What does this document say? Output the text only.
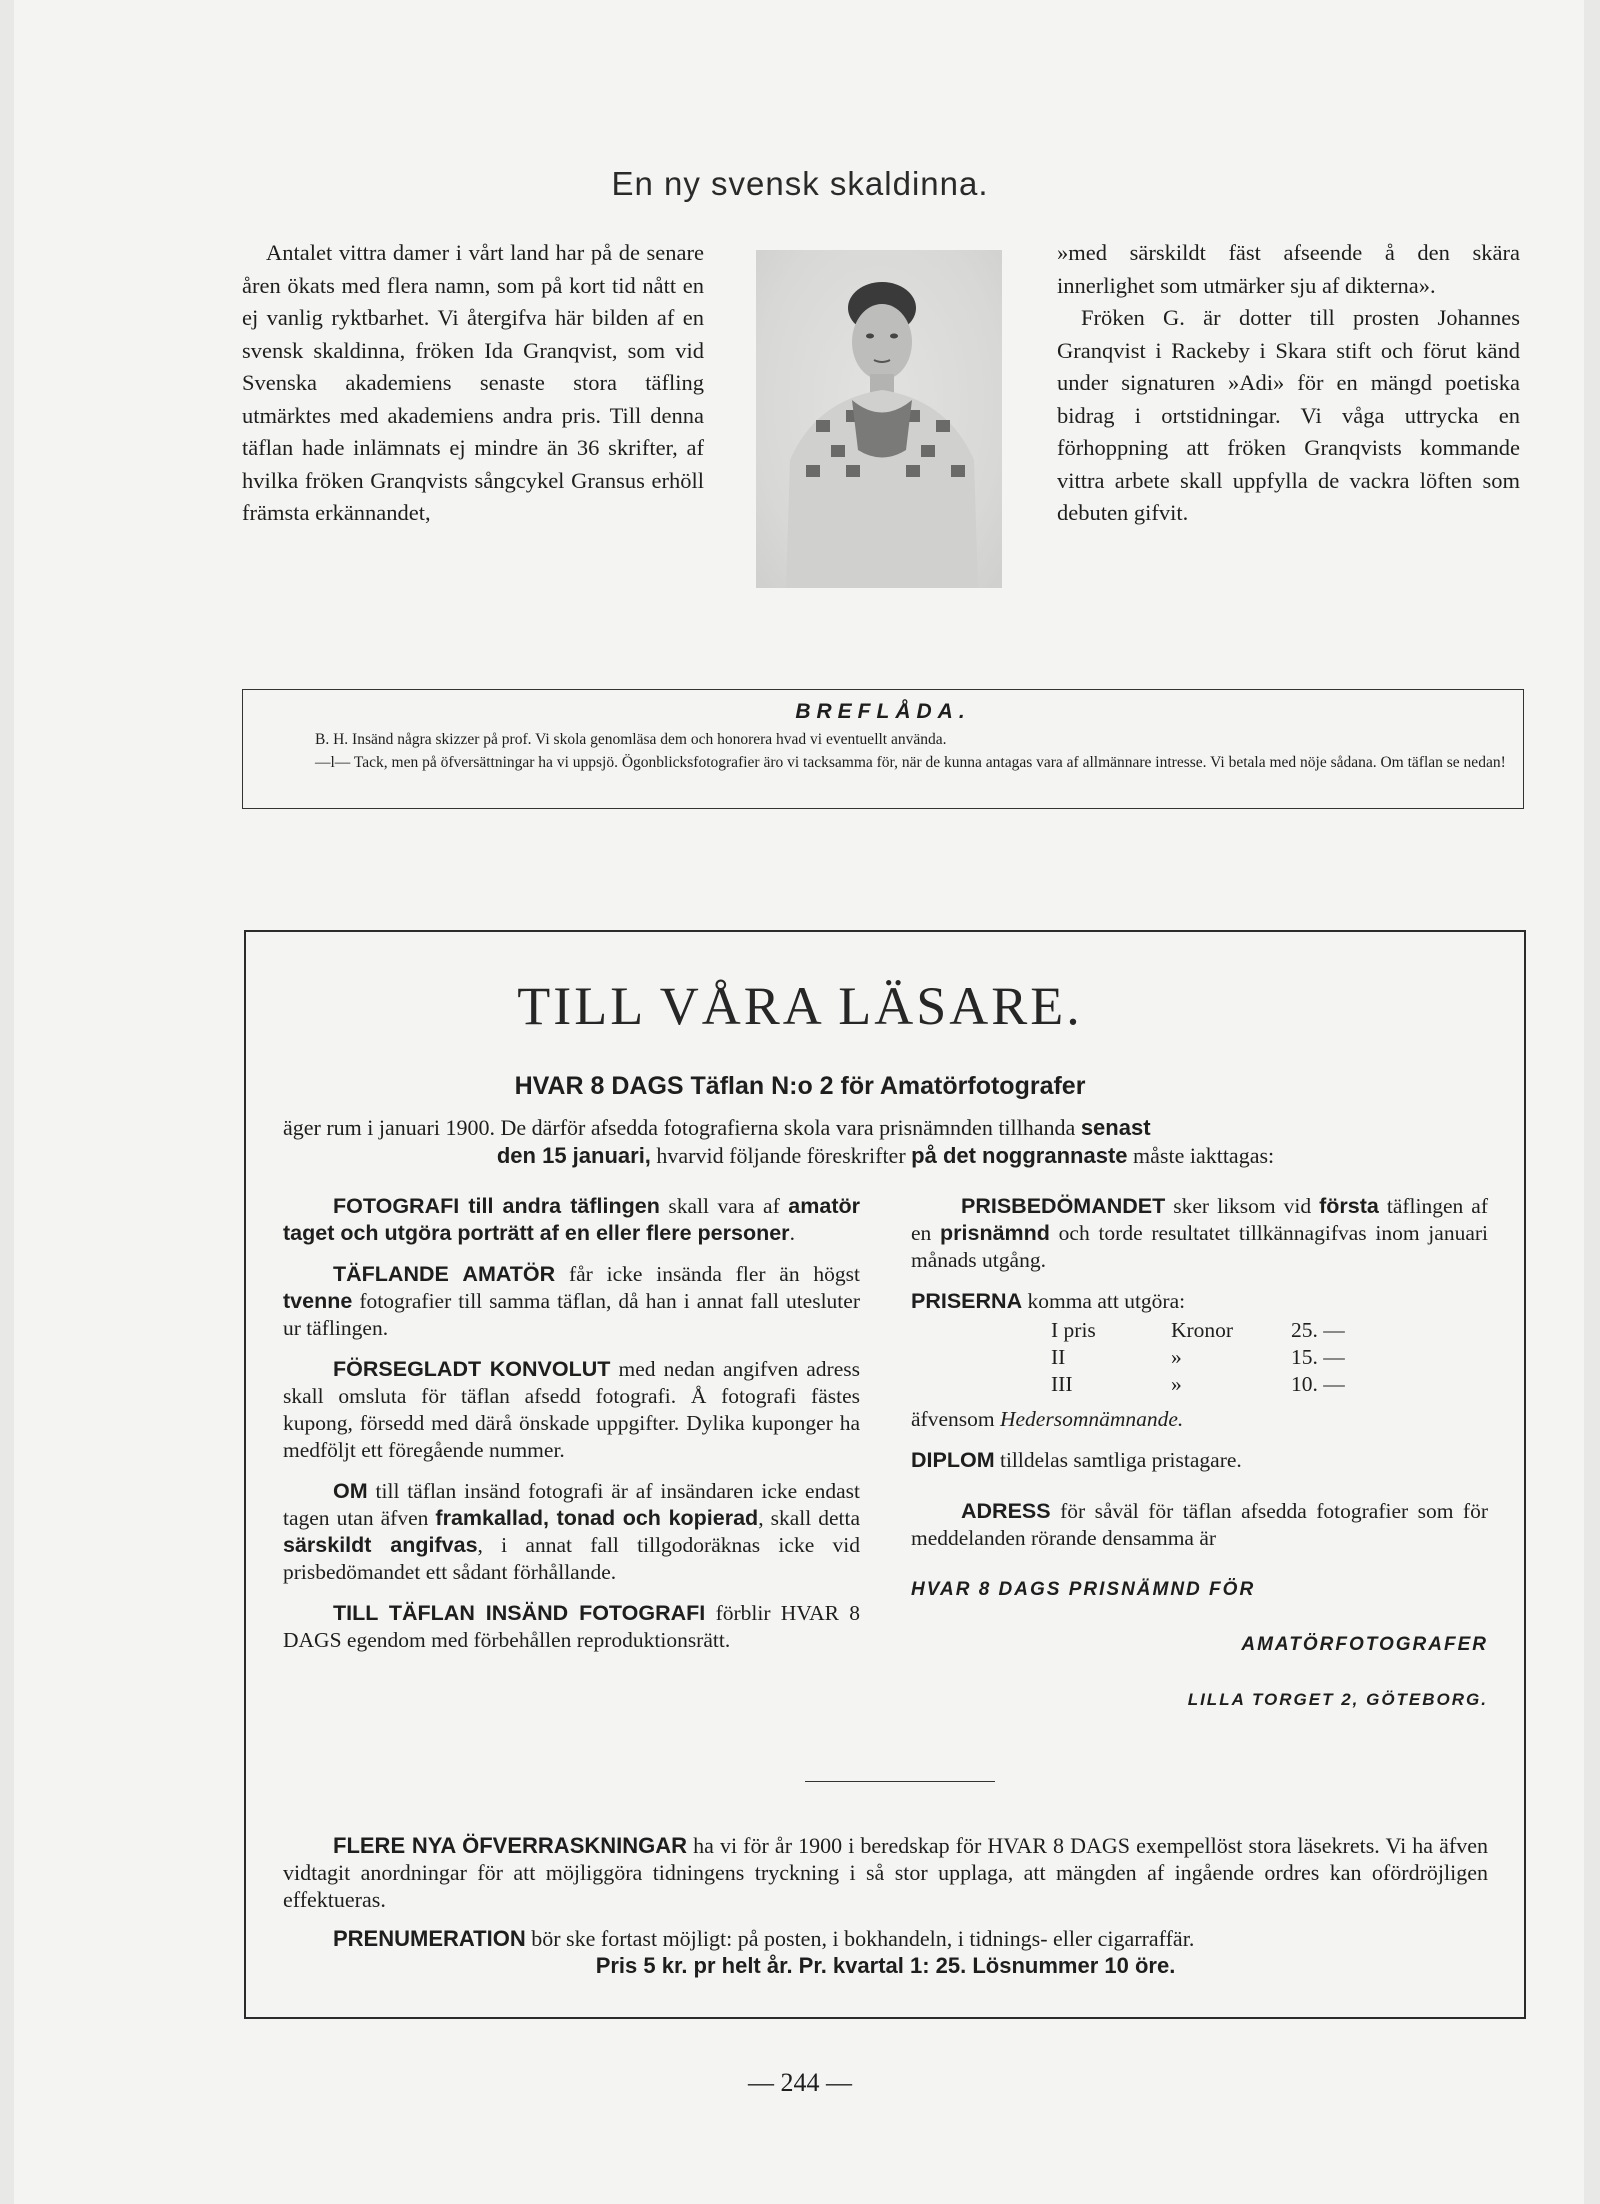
En ny svensk skaldinna.

Antalet vittra damer i vårt land har på de senare åren ökats med flera namn, som på kort tid nått en ej vanlig ryktbarhet. Vi återgifva här bilden af en svensk skaldinna, fröken Ida Granqvist, som vid Svenska akademiens senaste stora täfling utmärktes med akademiens andra pris. Till denna täflan hade inlämnats ej mindre än 36 skrifter, af hvilka fröken Granqvists sångcykel Gransus erhöll främsta erkännandet,

»med särskildt fäst afseende å den skära innerlighet som utmärker sju af dikterna».

Fröken G. är dotter till prosten Johannes Granqvist i Rackeby i Skara stift och förut känd under signaturen »Adi» för en mängd poetiska bidrag i ortstidningar. Vi våga uttrycka en förhoppning att fröken Granqvists kommande vittra arbete skall uppfylla de vackra löften som debuten gifvit.

BREFLÅDA.

B. H. Insänd några skizzer på prof. Vi skola genomläsa dem och honorera hvad vi eventuellt använda.

—l— Tack, men på öfversättningar ha vi uppsjö. Ögonblicksfotografier äro vi tacksamma för, när de kunna antagas vara af allmännare intresse. Vi betala med nöje sådana. Om täflan se nedan!

TILL VÅRA LÄSARE.
HVAR 8 DAGS Täflan N:o 2 för Amatörfotografer

äger rum i januari 1900. De därför afsedda fotografierna skola vara prisnämnden tillhanda senast

den 15 januari, hvarvid följande föreskrifter på det noggrannaste måste iakttagas:

FOTOGRAFI till andra täflingen skall vara af amatör taget och utgöra porträtt af en eller flere personer.

TÄFLANDE AMATÖR får icke insända fler än högst tvenne fotografier till samma täflan, då han i annat fall utesluter ur täflingen.

FÖRSEGLADT KONVOLUT med nedan angifven adress skall omsluta för täflan afsedd fotografi. Å fotografi fästes kupong, försedd med därå önskade uppgifter. Dylika kuponger ha medföljt ett föregående nummer.

OM till täflan insänd fotografi är af insändaren icke endast tagen utan äfven framkallad, tonad och kopierad, skall detta särskildt angifvas, i annat fall tillgodoräknas icke vid prisbedömandet ett sådant förhållande.

TILL TÄFLAN INSÄND FOTOGRAFI förblir HVAR 8 DAGS egendom med förbehållen reproduktionsrätt.

PRISBEDÖMANDET sker liksom vid första täflingen af en prisnämnd och torde resultatet tillkännagifvas inom januari månads utgång.

PRISERNA komma att utgöra:

I pris	Kronor	25. —
II	»	15. —
III	»	10. —

äfvensom Hedersomnämnande.

DIPLOM tilldelas samtliga pristagare.

ADRESS för såväl för täflan afsedda fotografier som för meddelanden rörande densamma är

HVAR 8 DAGS PRISNÄMND FÖR
AMATÖRFOTOGRAFER
LILLA TORGET 2, GÖTEBORG.

FLERE NYA ÖFVERRASKNINGAR ha vi för år 1900 i beredskap för HVAR 8 DAGS exempellöst stora läsekrets. Vi ha äfven vidtagit anordningar för att möjliggöra tidningens tryckning i så stor upplaga, att mängden af ingående ordres kan ofördröjligen effektueras.

PRENUMERATION bör ske fortast möjligt: på posten, i bokhandeln, i tidnings- eller cigarraffär.

Pris 5 kr. pr helt år. Pr. kvartal 1: 25. Lösnummer 10 öre.

— 244 —
